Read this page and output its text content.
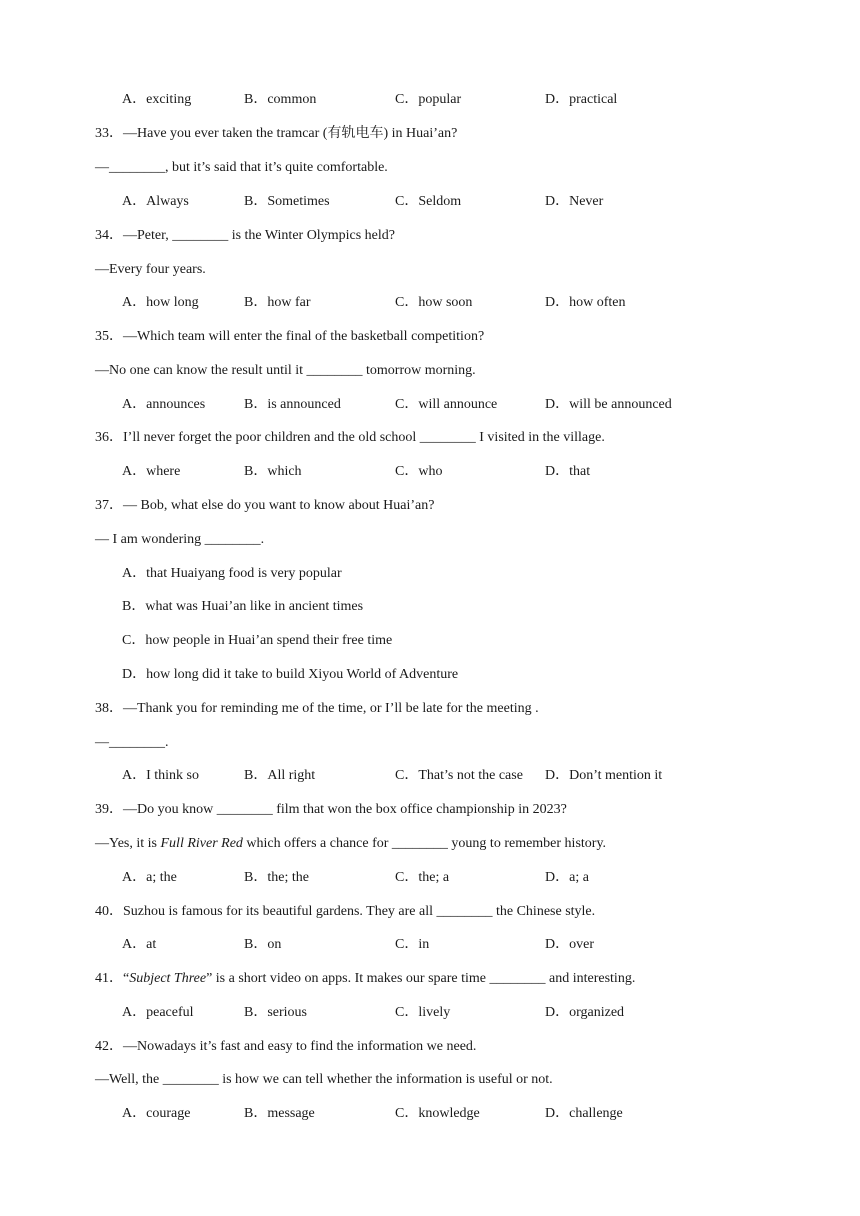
A．exciting	B．common	C．popular	D．practical
33．—Have you ever taken the tramcar (有轨电车) in Huai’an?
—________, but it’s said that it’s quite comfortable.
A．Always	B．Sometimes	C．Seldom	D．Never
34．—Peter, ________ is the Winter Olympics held?
—Every four years.
A．how long	B．how far	C．how soon	D．how often
35．—Which team will enter the final of the basketball competition?
—No one can know the result until it ________ tomorrow morning.
A．announces	B．is announced	C．will announce	D．will be announced
36．I’ll never forget the poor children and the old school ________ I visited in the village.
A．where	B．which	C．who	D．that
37．— Bob, what else do you want to know about Huai’an?
— I am wondering ________.
A．that Huaiyang food is very popular
B．what was Huai’an like in ancient times
C．how people in Huai’an spend their free time
D．how long did it take to build Xiyou World of Adventure
38．—Thank you for reminding me of the time, or I’ll be late for the meeting .
—________.
A．I think so	B．All right	C．That’s not the case D．Don’t mention it
39．—Do you know ________ film that won the box office championship in 2023?
—Yes, it is Full River Red which offers a chance for ________ young to remember history.
A．a; the	B．the; the	C．the; a	D．a; a
40．Suzhou is famous for its beautiful gardens. They are all ________ the Chinese style.
A．at	B．on	C．in	D．over
41．“Subject Three” is a short video on apps. It makes our spare time ________ and interesting.
A．peaceful	B．serious	C．lively	D．organized
42．—Nowadays it’s fast and easy to find the information we need.
—Well, the ________ is how we can tell whether the information is useful or not.
A．courage	B．message	C．knowledge	D．challenge
